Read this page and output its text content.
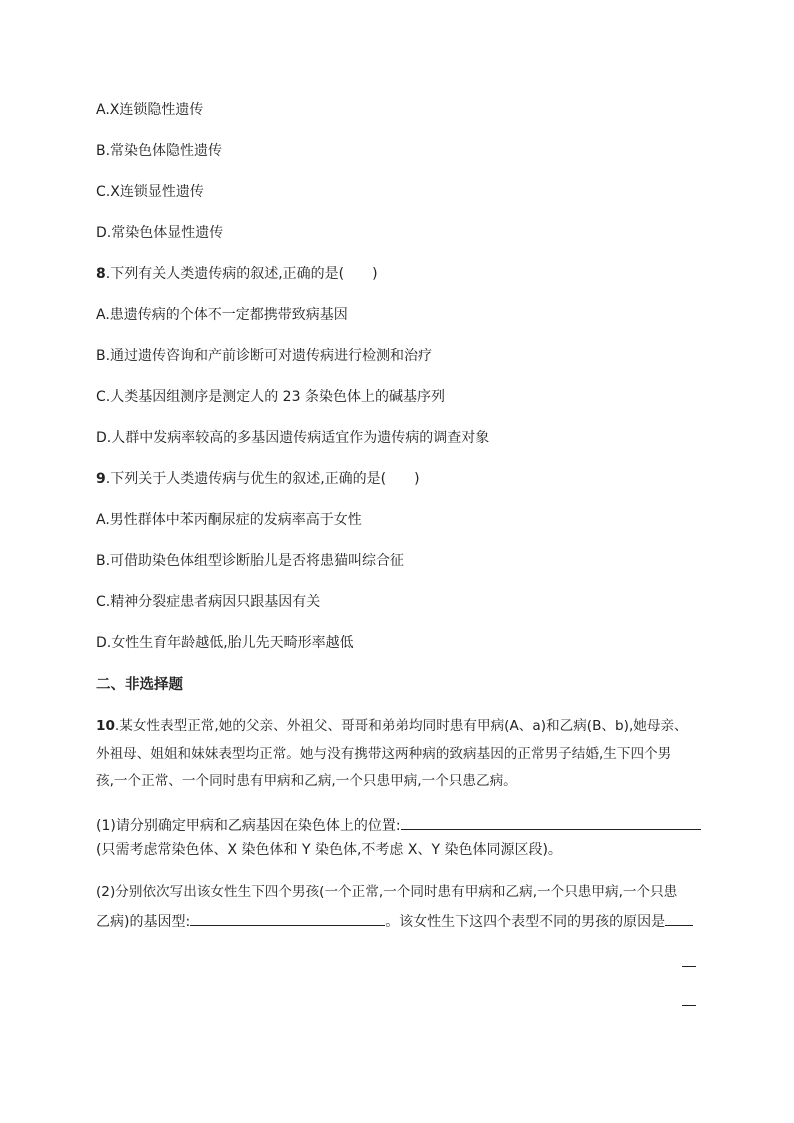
A.X连锁隐性遗传
B.常染色体隐性遗传
C.X连锁显性遗传
D.常染色体显性遗传
8.下列有关人类遗传病的叙述,正确的是(　　)
A.患遗传病的个体不一定都携带致病基因
B.通过遗传咨询和产前诊断可对遗传病进行检测和治疗
C.人类基因组测序是测定人的 23 条染色体上的碱基序列
D.人群中发病率较高的多基因遗传病适宜作为遗传病的调查对象
9.下列关于人类遗传病与优生的叙述,正确的是(　　)
A.男性群体中苯丙酮尿症的发病率高于女性
B.可借助染色体组型诊断胎儿是否将患猫叫综合征
C.精神分裂症患者病因只跟基因有关
D.女性生育年龄越低,胎儿先天畸形率越低
二、非选择题
10.某女性表型正常,她的父亲、外祖父、哥哥和弟弟均同时患有甲病(A、a)和乙病(B、b),她母亲、
外祖母、姐姐和妹妹表型均正常。她与没有携带这两种病的致病基因的正常男子结婚,生下四个男
孩,一个正常、一个同时患有甲病和乙病,一个只患甲病,一个只患乙病。
(1)请分别确定甲病和乙病基因在染色体上的位置:
(只需考虑常染色体、X 染色体和 Y 染色体,不考虑 X、Y 染色体同源区段)。
(2)分别依次写出该女性生下四个男孩(一个正常,一个同时患有甲病和乙病,一个只患甲病,一个只患
乙病)的基因型:	。该女性生下这四个表型不同的男孩的原因是
